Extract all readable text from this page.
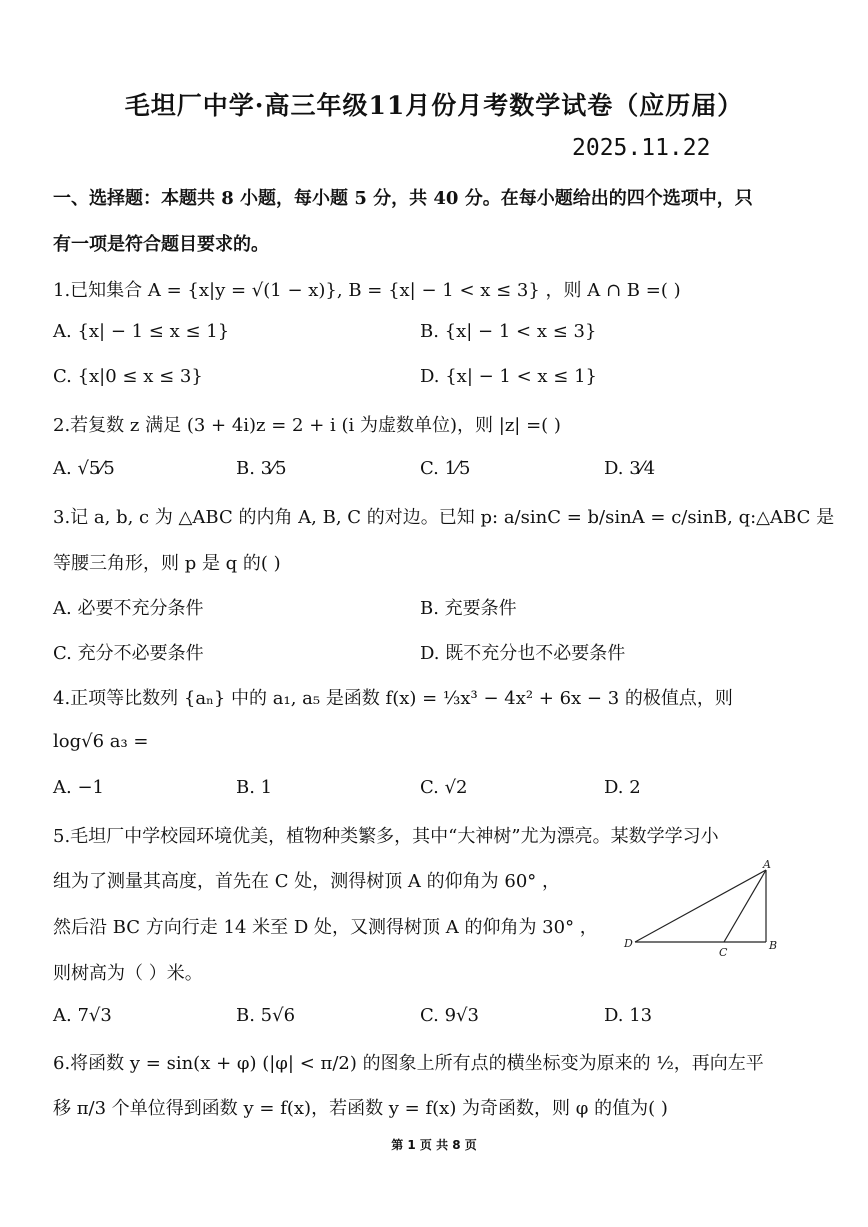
毛坦厂中学·高三年级11月份月考数学试卷（应历届）
2025.11.22
一、选择题：本题共 8 小题，每小题 5 分，共 40 分。在每小题给出的四个选项中，只
有一项是符合题目要求的。
1.已知集合 A = {x|y = √(1 − x)}, B = {x| − 1 < x ≤ 3} ，则 A ∩ B =( )
A. {x| − 1 ≤ x ≤ 1}	B. {x| − 1 < x ≤ 3}
C. {x|0 ≤ x ≤ 3}	D. {x| − 1 < x ≤ 1}
2.若复数 z 满足 (3 + 4i)z = 2 + i (i 为虚数单位)，则 |z| =( )
A. √5⁄5	B. 3⁄5	C. 1⁄5	D. 3⁄4
3.记 a, b, c 为 △ABC 的内角 A, B, C 的对边。已知 p: a/sinC = b/sinA = c/sinB, q:△ABC 是
等腰三角形，则 p 是 q 的( )
A. 必要不充分条件	B. 充要条件
C. 充分不必要条件	D. 既不充分也不必要条件
4.正项等比数列 {aₙ} 中的 a₁, a₅ 是函数 f(x) = ⅓x³ − 4x² + 6x − 3 的极值点，则
log√6 a₃ =
A. −1	B. 1	C. √2	D. 2
5.毛坦厂中学校园环境优美，植物种类繁多，其中“大神树”尤为漂亮。某数学学习小
组为了测量其高度，首先在 C 处，测得树顶 A 的仰角为 60° ，
然后沿 BC 方向行走 14 米至 D 处，又测得树顶 A 的仰角为 30° ，
则树高为（ ）米。
A
B
C
D
A. 7√3	B. 5√6	C. 9√3	D. 13
6.将函数 y = sin(x + φ) (|φ| < π/2) 的图象上所有点的横坐标变为原来的 ½，再向左平
移 π/3 个单位得到函数 y = f(x)，若函数 y = f(x) 为奇函数，则 φ 的值为( )
第 1 页 共 8 页
